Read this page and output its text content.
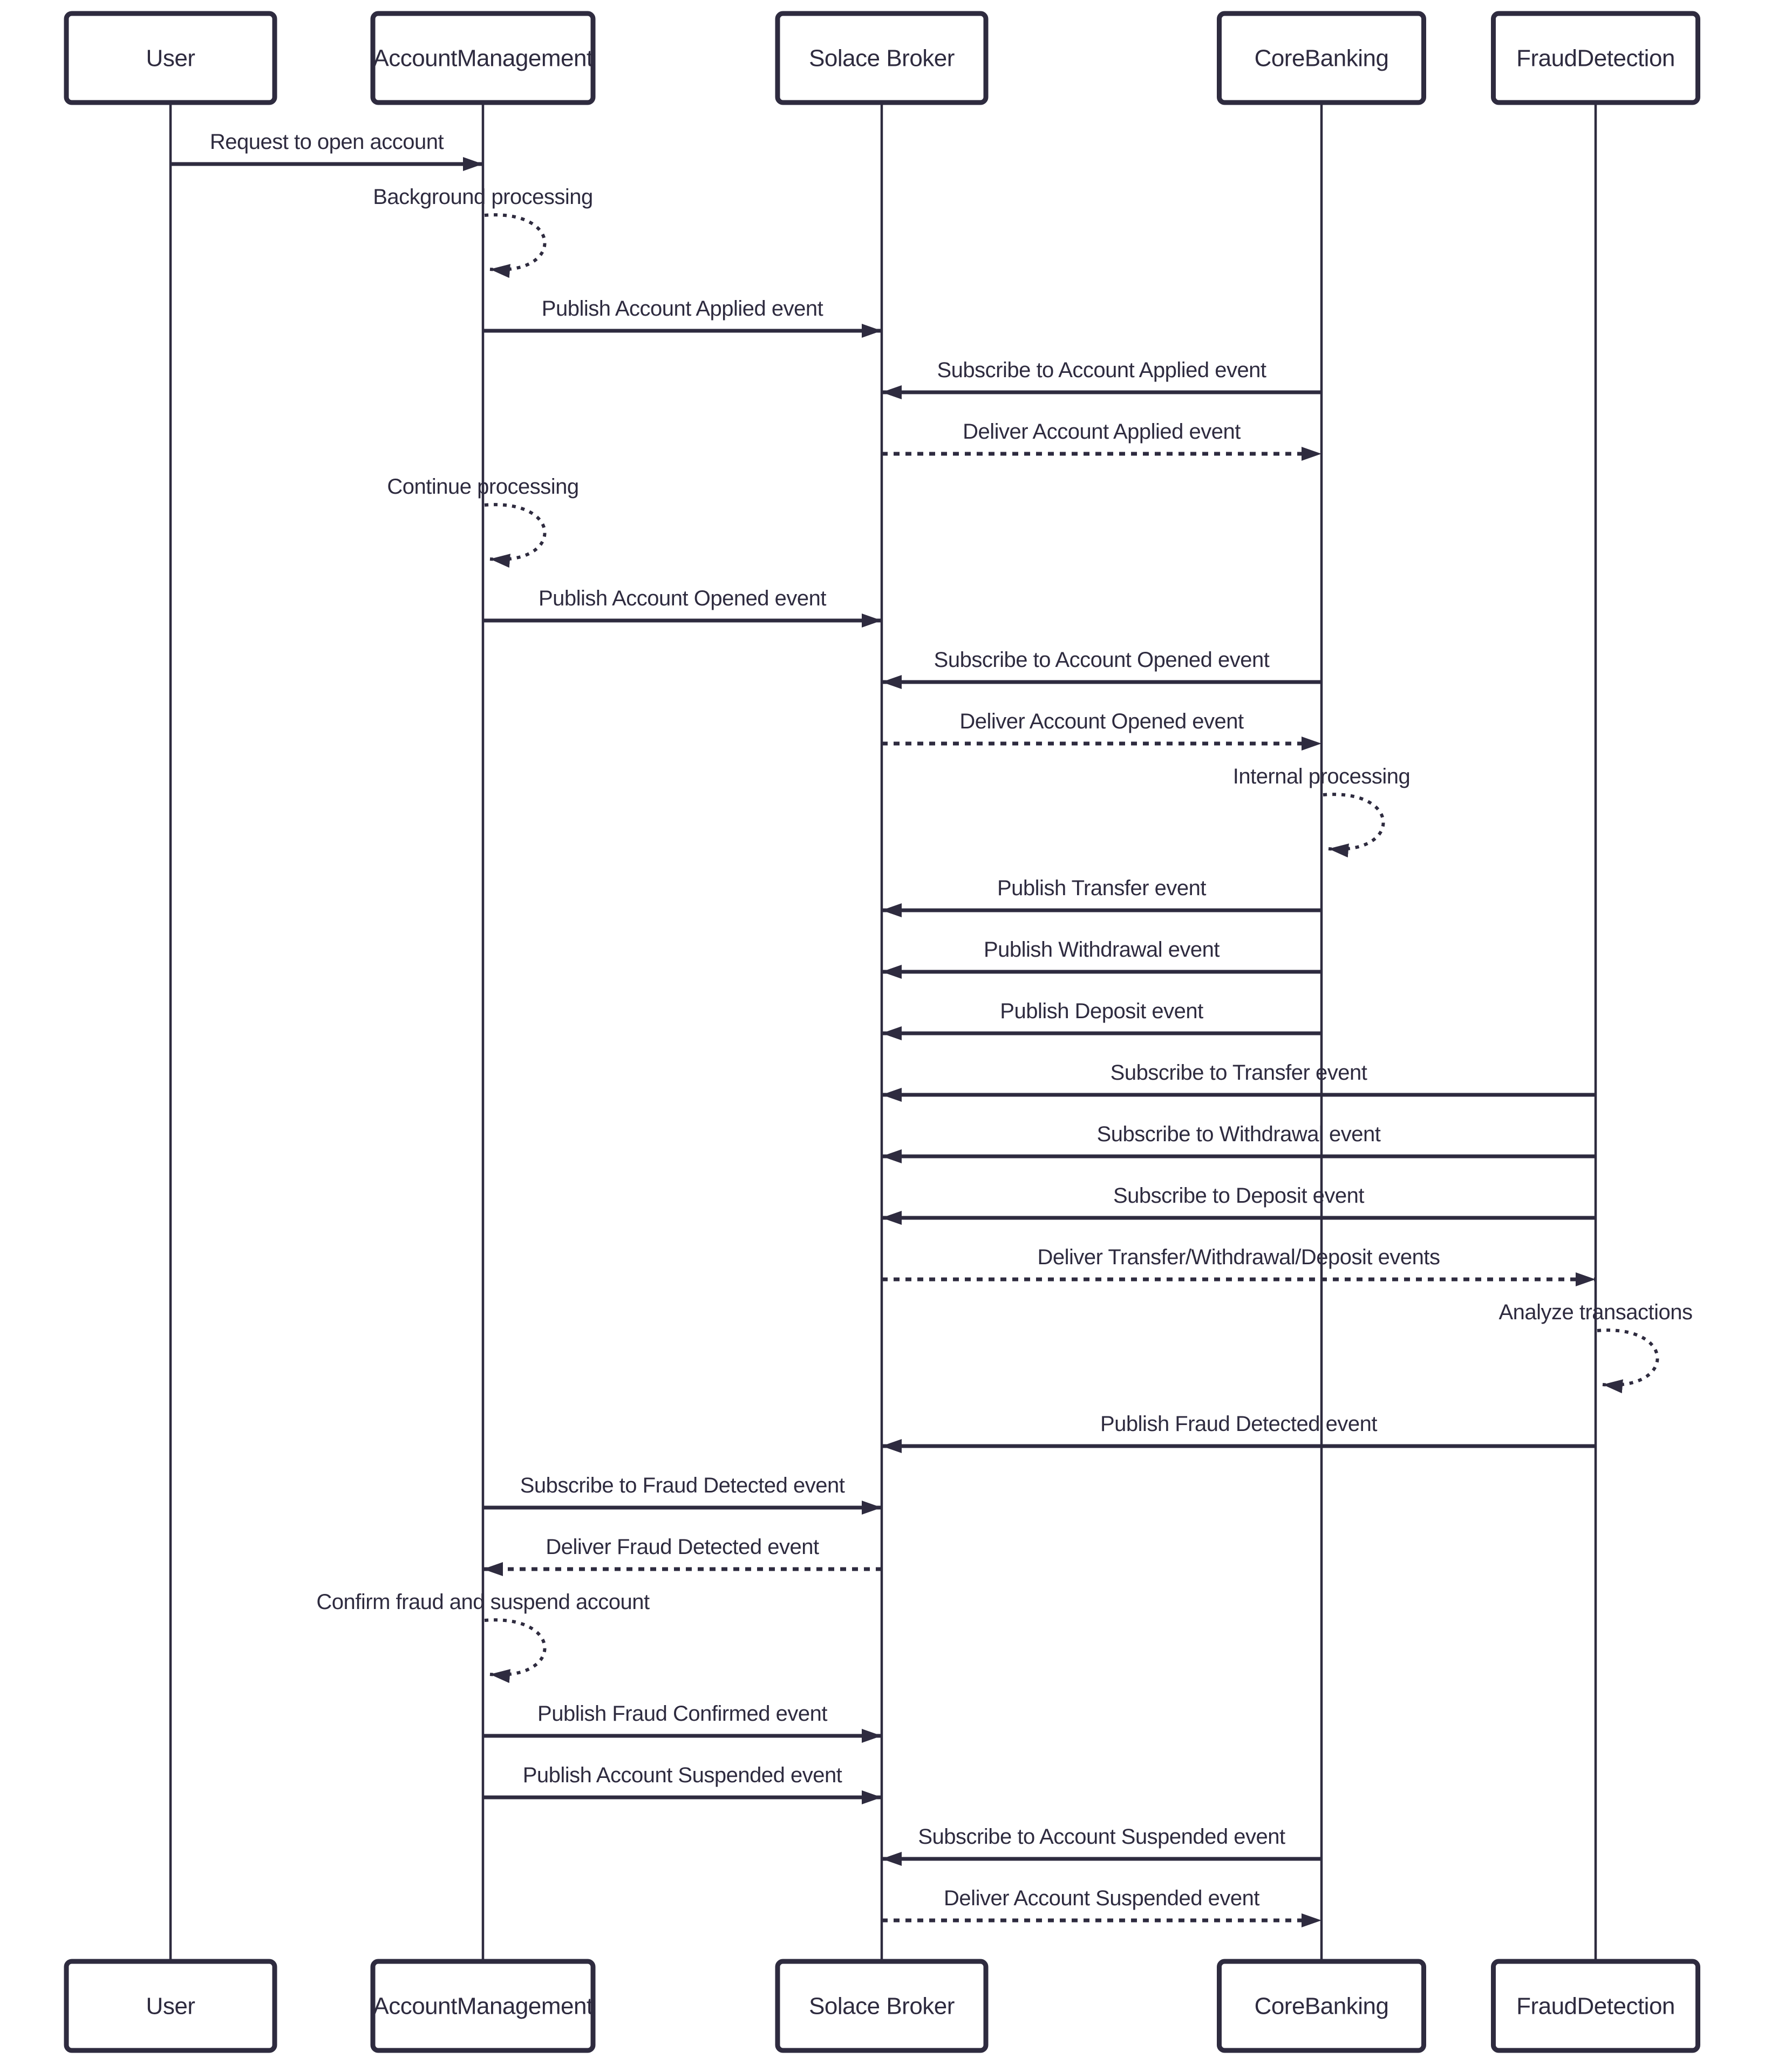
User	AccountManagement	Solace Broker	CoreBanking	FraudDetection
User	AccountManagement	Solace Broker	CoreBanking	FraudDetection
Request to open account
Background processing
Publish Account Applied event
Subscribe to Account Applied event
Deliver Account Applied event
Continue processing
Publish Account Opened event
Subscribe to Account Opened event
Deliver Account Opened event
Internal processing
Publish Transfer event
Publish Withdrawal event
Publish Deposit event
Subscribe to Transfer event
Subscribe to Withdrawal event
Subscribe to Deposit event
Deliver Transfer/Withdrawal/Deposit events
Analyze transactions
Publish Fraud Detected event
Subscribe to Fraud Detected event
Deliver Fraud Detected event
Confirm fraud and suspend account
Publish Fraud Confirmed event
Publish Account Suspended event
Subscribe to Account Suspended event
Deliver Account Suspended event
